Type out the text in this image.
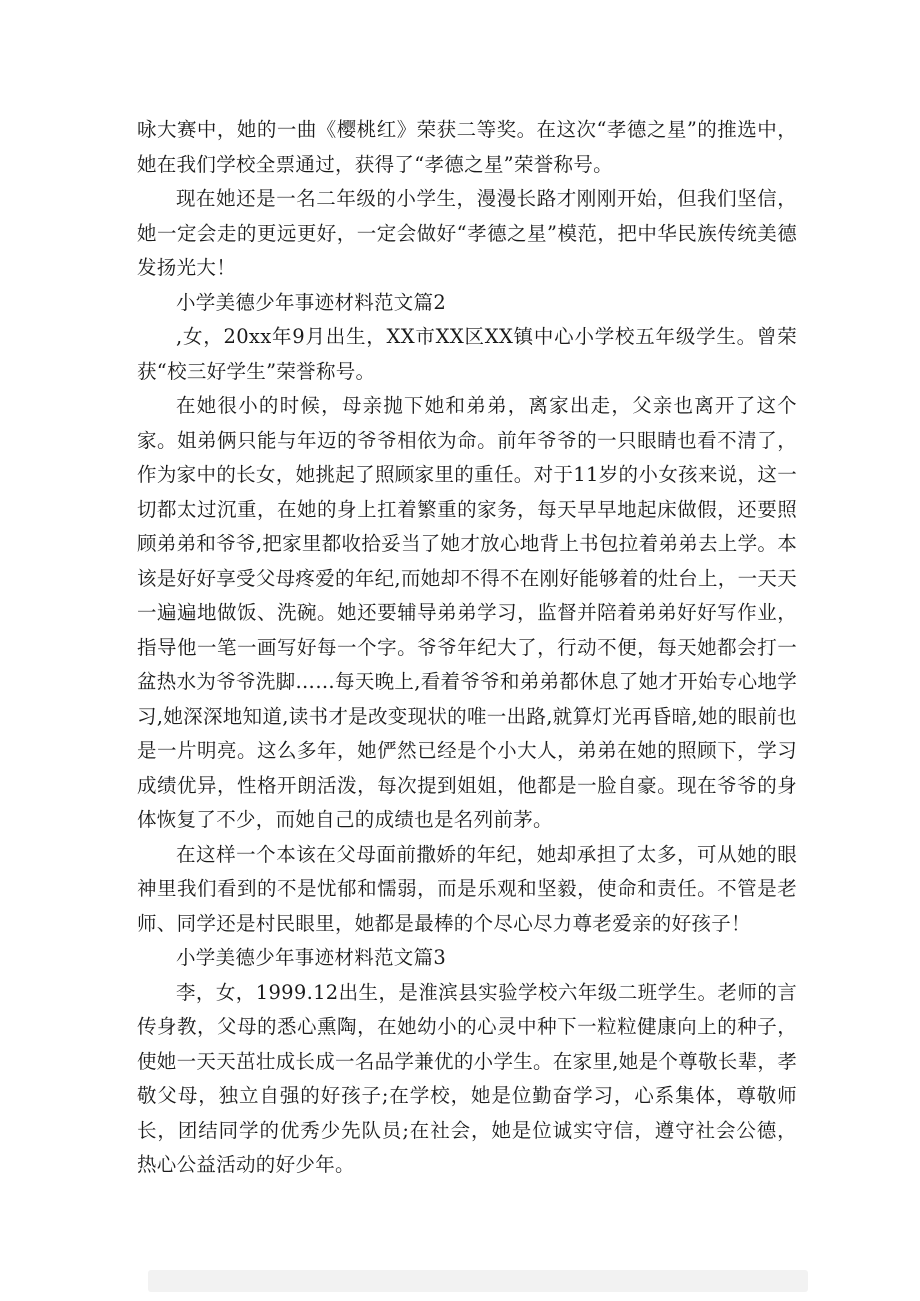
咏大赛中，她的一曲《樱桃红》荣获二等奖。在这次“孝德之星”的推选中，她在我们学校全票通过，获得了“孝德之星”荣誉称号。

现在她还是一名二年级的小学生，漫漫长路才刚刚开始，但我们坚信，她一定会走的更远更好，一定会做好“孝德之星”模范，把中华民族传统美德发扬光大！

小学美德少年事迹材料范文篇2

,女，20xx年9月出生，XX市XX区XX镇中心小学校五年级学生。曾荣获“校三好学生”荣誉称号。

在她很小的时候，母亲抛下她和弟弟，离家出走，父亲也离开了这个家。姐弟俩只能与年迈的爷爷相依为命。前年爷爷的一只眼睛也看不清了，作为家中的长女，她挑起了照顾家里的重任。对于11岁的小女孩来说，这一切都太过沉重，在她的身上扛着繁重的家务，每天早早地起床做假，还要照顾弟弟和爷爷,把家里都收拾妥当了她才放心地背上书包拉着弟弟去上学。本该是好好享受父母疼爱的年纪,而她却不得不在刚好能够着的灶台上，一天天一遍遍地做饭、洗碗。她还要辅导弟弟学习，监督并陪着弟弟好好写作业，指导他一笔一画写好每一个字。爷爷年纪大了，行动不便，每天她都会打一盆热水为爷爷洗脚……每天晚上,看着爷爷和弟弟都休息了她才开始专心地学习,她深深地知道,读书才是改变现状的唯一出路,就算灯光再昏暗,她的眼前也是一片明亮。这么多年，她俨然已经是个小大人，弟弟在她的照顾下，学习成绩优异，性格开朗活泼，每次提到姐姐，他都是一脸自豪。现在爷爷的身体恢复了不少，而她自己的成绩也是名列前茅。

在这样一个本该在父母面前撒娇的年纪，她却承担了太多，可从她的眼神里我们看到的不是忧郁和懦弱，而是乐观和坚毅，使命和责任。不管是老师、同学还是村民眼里，她都是最棒的个尽心尽力尊老爱亲的好孩子！

小学美德少年事迹材料范文篇3

李，女，1999.12出生，是淮滨县实验学校六年级二班学生。老师的言传身教，父母的悉心熏陶，在她幼小的心灵中种下一粒粒健康向上的种子，使她一天天茁壮成长成一名品学兼优的小学生。在家里,她是个尊敬长辈，孝敬父母，独立自强的好孩子;在学校，她是位勤奋学习，心系集体，尊敬师长，团结同学的优秀少先队员;在社会，她是位诚实守信，遵守社会公德，热心公益活动的好少年。
